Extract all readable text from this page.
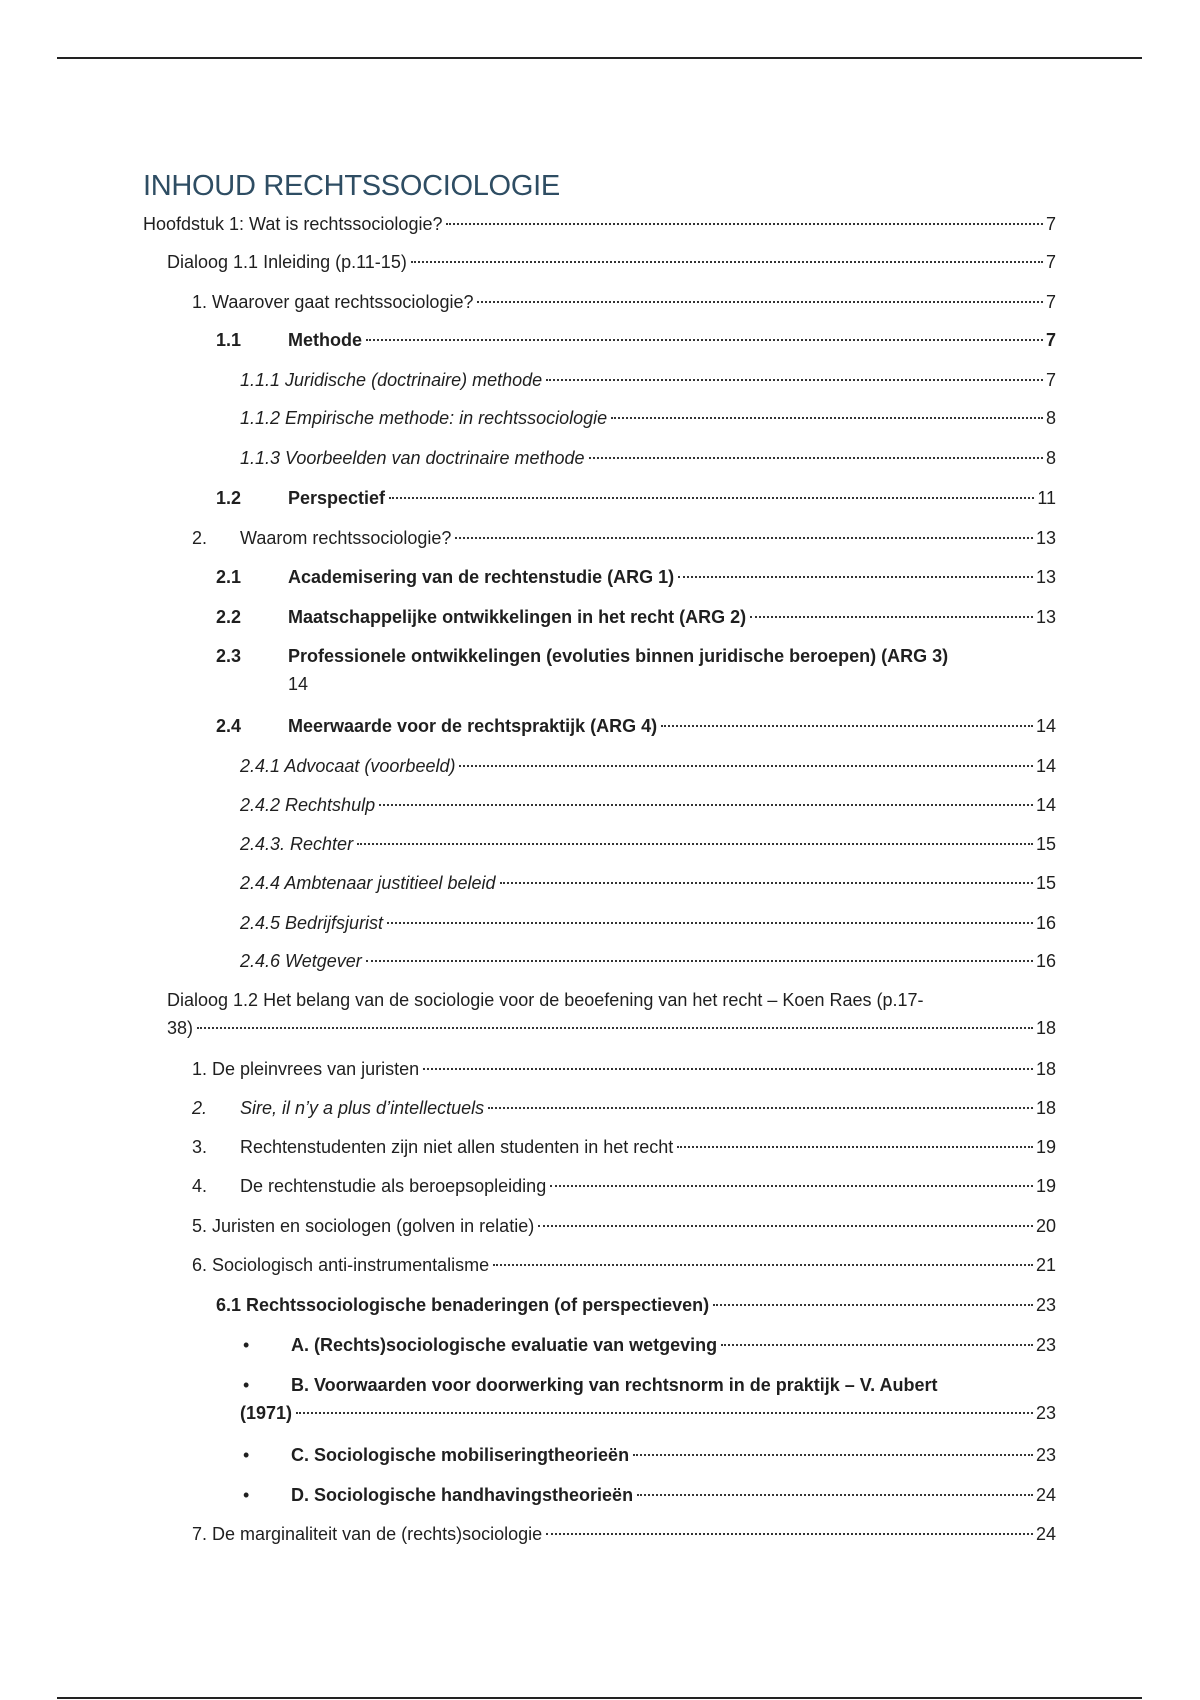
INHOUD RECHTSSOCIOLOGIE
Hoofdstuk 1: Wat is rechtssociologie?	7
Dialoog 1.1 Inleiding (p.11-15)	7
1. Waarover gaat rechtssociologie?	7
1.1	Methode	7
1.1.1 Juridische (doctrinaire) methode	7
1.1.2 Empirische methode: in rechtssociologie	8
1.1.3 Voorbeelden van doctrinaire methode	8
1.2	Perspectief	11
2.	Waarom rechtssociologie?	13
2.1	Academisering van de rechtenstudie (ARG 1)	13
2.2	Maatschappelijke ontwikkelingen in het recht (ARG 2)	13
2.3	Professionele ontwikkelingen (evoluties binnen juridische beroepen) (ARG 3)
14
2.4	Meerwaarde voor de rechtspraktijk (ARG 4)	14
2.4.1 Advocaat (voorbeeld)	14
2.4.2 Rechtshulp	14
2.4.3. Rechter	15
2.4.4 Ambtenaar justitieel beleid	15
2.4.5 Bedrijfsjurist	16
2.4.6 Wetgever	16
Dialoog 1.2 Het belang van de sociologie voor de beoefening van het recht – Koen Raes (p.17-
38)	18
1. De pleinvrees van juristen	18
2.	Sire, il n’y a plus d’intellectuels	18
3.	Rechtenstudenten zijn niet allen studenten in het recht	19
4.	De rechtenstudie als beroepsopleiding	19
5. Juristen en sociologen (golven in relatie)	20
6. Sociologisch anti-instrumentalisme	21
6.1 Rechtssociologische benaderingen (of perspectieven)	23
•	A. (Rechts)sociologische evaluatie van wetgeving	23
• B. Voorwaarden voor doorwerking van rechtsnorm in de praktijk – V. Aubert
(1971)	23
•	C. Sociologische mobiliseringtheorieën	23
•	D. Sociologische handhavingstheorieën	24
7. De marginaliteit van de (rechts)sociologie	24
